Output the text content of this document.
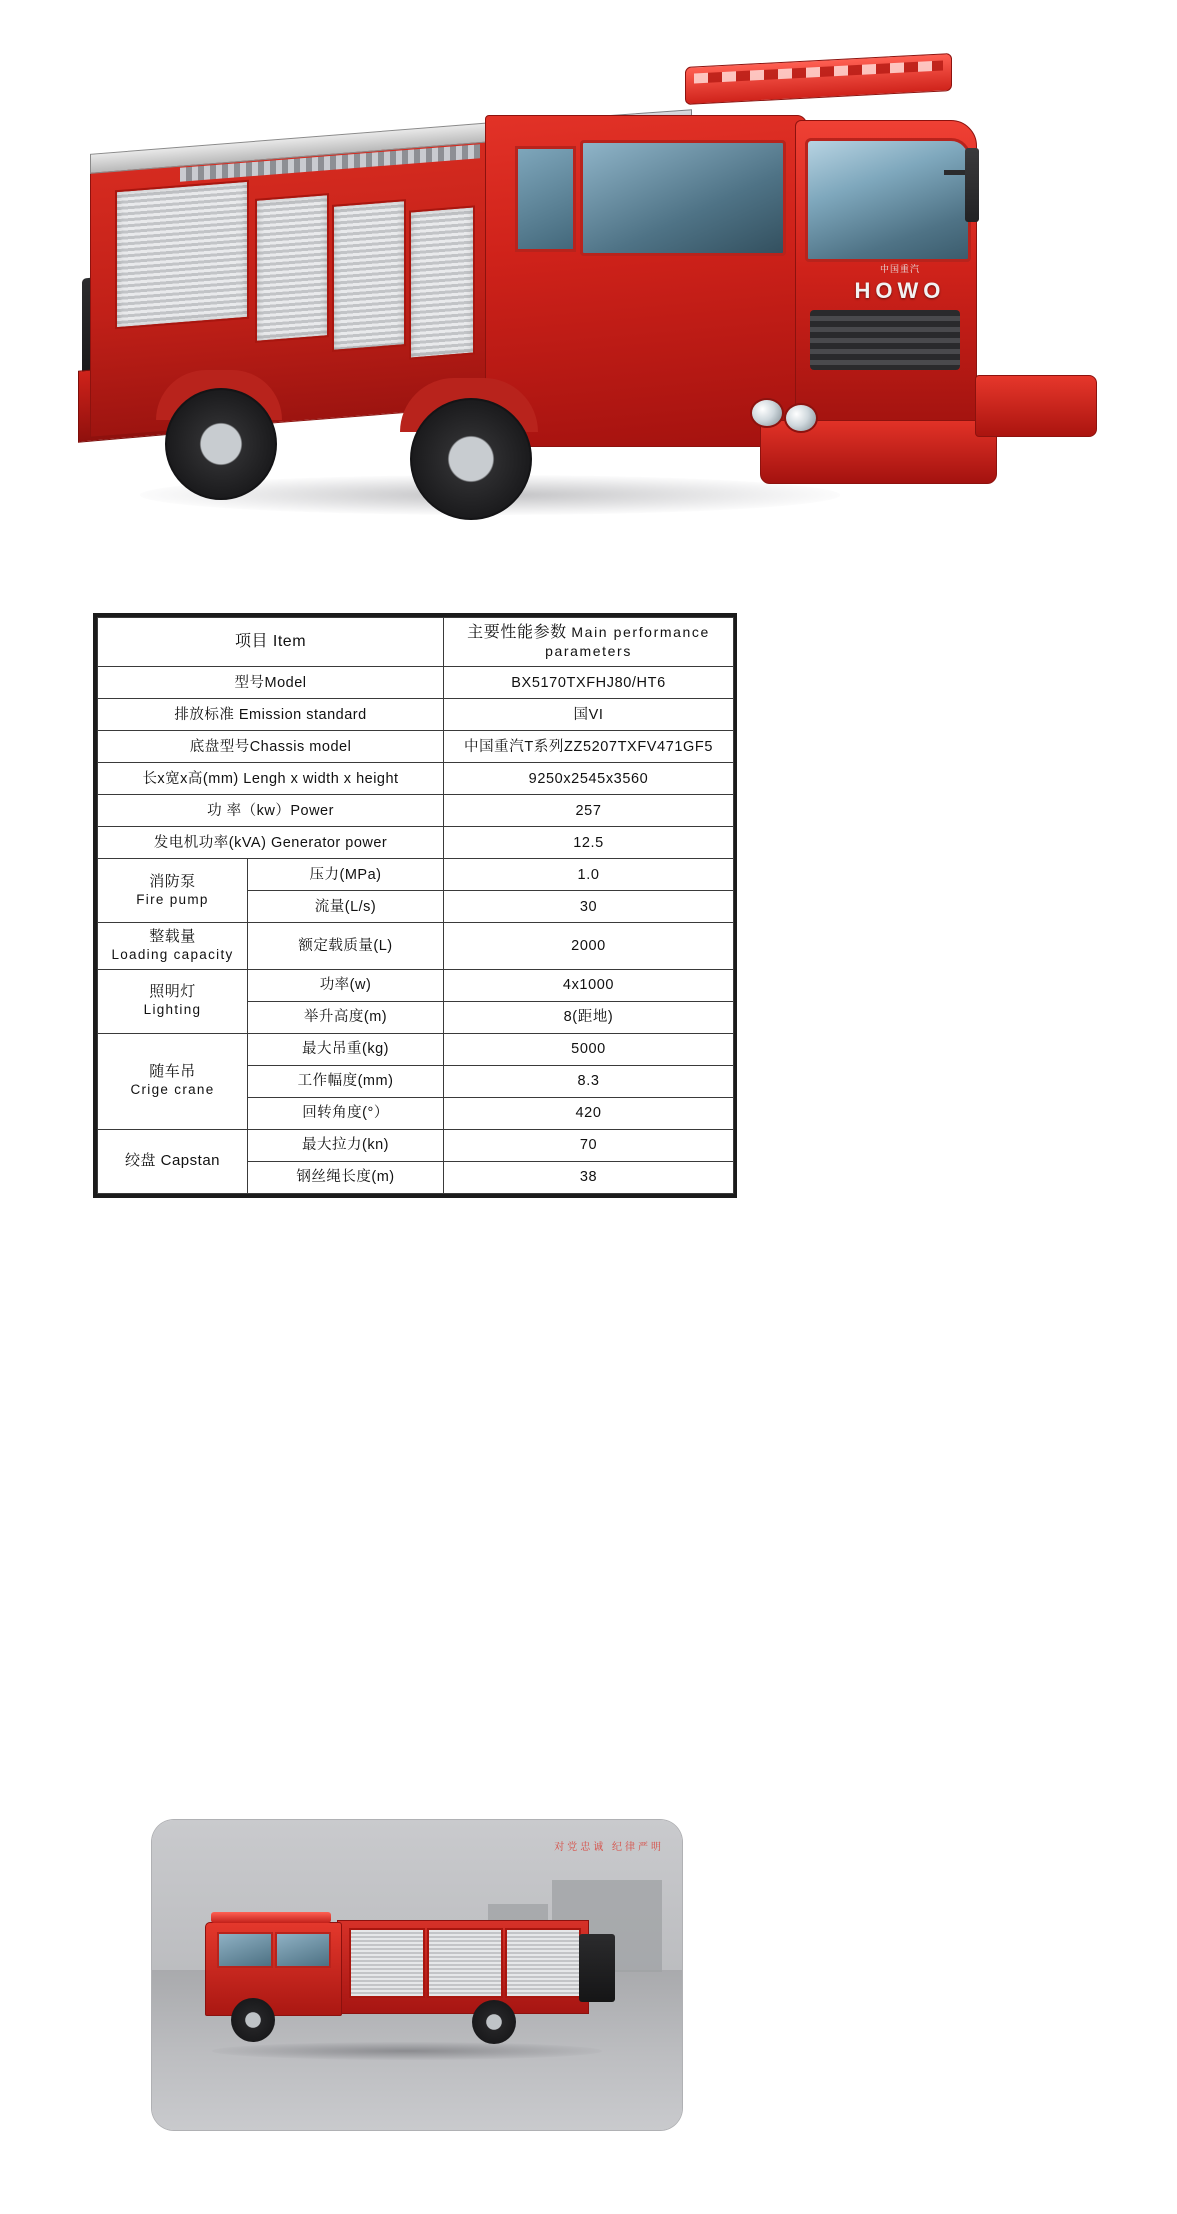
中国重汽
HOWO
项目 Item		主要性能参数 Main performance parameters
型号Model		BX5170TXFHJ80/HT6
排放标准 Emission standard		国VI
底盘型号Chassis model		中国重汽T系列ZZ5207TXFV471GF5
长x宽x高(mm) Lengh x width x height		9250x2545x3560
功 率（kw）Power		257
发电机功率(kVA) Generator power		12.5

消防泵
Fire pump	压力(MPa)	1.0
	流量(L/s)	30

整载量
Loading capacity	额定载质量(L)	2000

照明灯
Lighting	功率(w)	4x1000
	举升高度(m)	8(距地)

随车吊
Crige crane	最大吊重(kg)	5000
	工作幅度(mm)	8.3
	回转角度(°）	420

绞盘 Capstan	最大拉力(kn)	70
	钢丝绳长度(m)	38
对党忠诚 纪律严明
